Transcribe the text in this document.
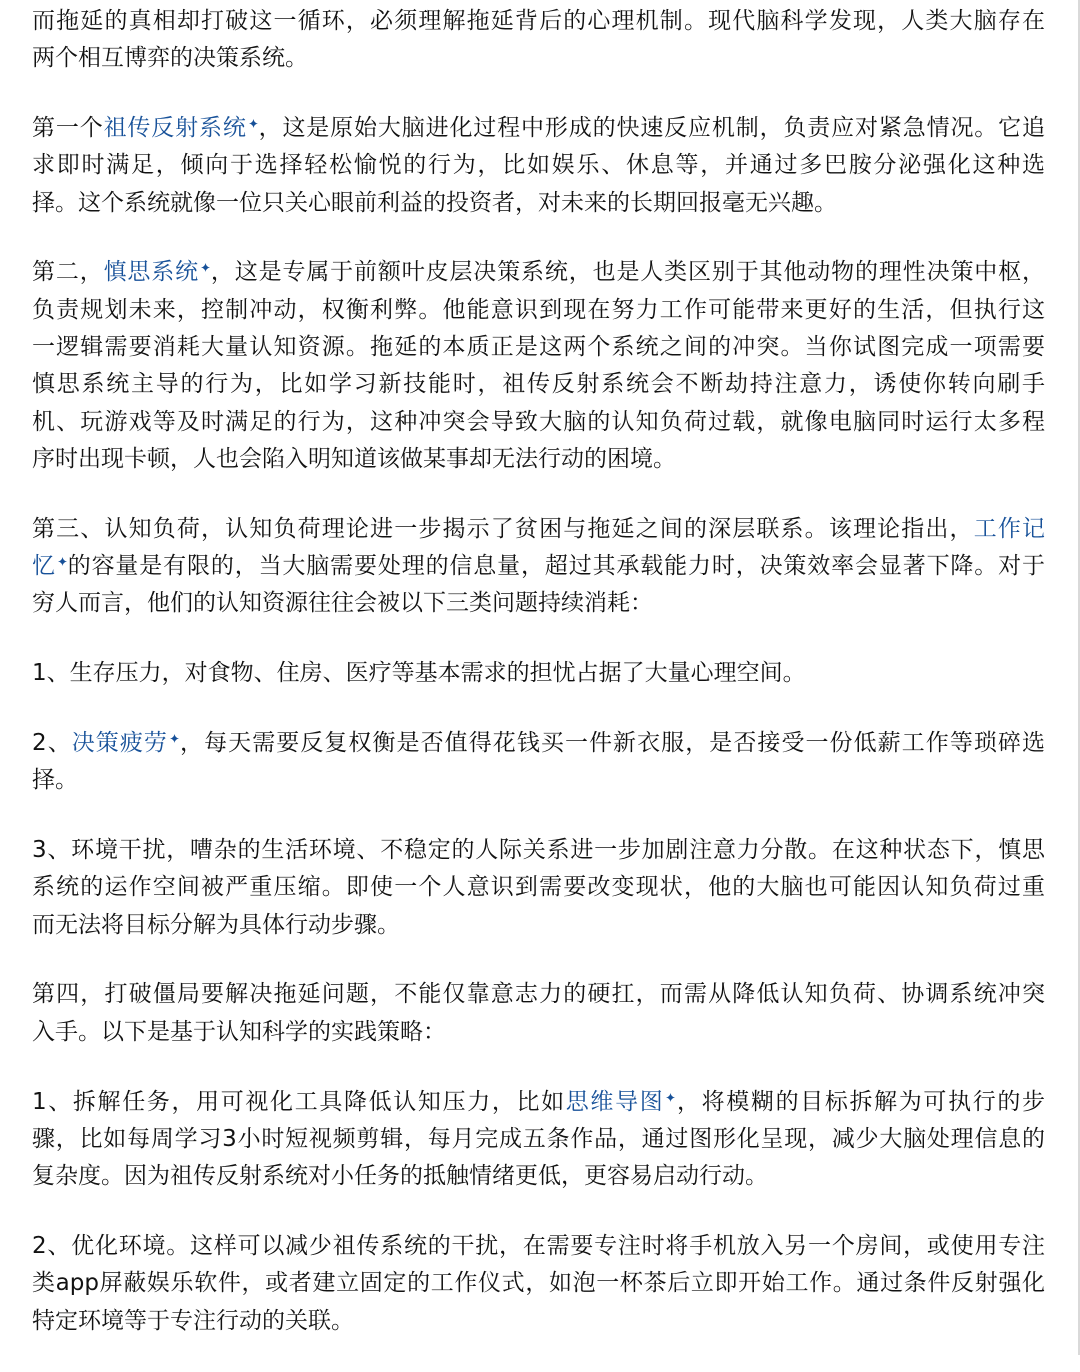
而拖延的真相却打破这一循环，必须理解拖延背后的心理机制。现代脑科学发现，人类大脑存在
两个相互博弈的决策系统。

第一个祖传反射系统 ，这是原始大脑进化过程中形成的快速反应机制，负责应对紧急情况。它追
求即时满足，倾向于选择轻松愉悦的行为，比如娱乐、休息等，并通过多巴胺分泌强化这种选
择。这个系统就像一位只关心眼前利益的投资者，对未来的长期回报毫无兴趣。

第二，慎思系统 ，这是专属于前额叶皮层决策系统，也是人类区别于其他动物的理性决策中枢，
负责规划未来，控制冲动，权衡利弊。他能意识到现在努力工作可能带来更好的生活，但执行这
一逻辑需要消耗大量认知资源。拖延的本质正是这两个系统之间的冲突。当你试图完成一项需要
慎思系统主导的行为，比如学习新技能时，祖传反射系统会不断劫持注意力，诱使你转向刷手
机、玩游戏等及时满足的行为，这种冲突会导致大脑的认知负荷过载，就像电脑同时运行太多程
序时出现卡顿，人也会陷入明知道该做某事却无法行动的困境。

第三、认知负荷，认知负荷理论进一步揭示了贫困与拖延之间的深层联系。该理论指出，工作记
忆 的容量是有限的，当大脑需要处理的信息量，超过其承载能力时，决策效率会显著下降。对于
穷人而言，他们的认知资源往往会被以下三类问题持续消耗：

1、生存压力，对食物、住房、医疗等基本需求的担忧占据了大量心理空间。

2、决策疲劳 ，每天需要反复权衡是否值得花钱买一件新衣服，是否接受一份低薪工作等琐碎选
择。

3、环境干扰，嘈杂的生活环境、不稳定的人际关系进一步加剧注意力分散。在这种状态下，慎思
系统的运作空间被严重压缩。即使一个人意识到需要改变现状，他的大脑也可能因认知负荷过重
而无法将目标分解为具体行动步骤。

第四，打破僵局要解决拖延问题，不能仅靠意志力的硬扛，而需从降低认知负荷、协调系统冲突
入手。以下是基于认知科学的实践策略：

1、拆解任务，用可视化工具降低认知压力，比如思维导图 ，将模糊的目标拆解为可执行的步
骤，比如每周学习3小时短视频剪辑，每月完成五条作品，通过图形化呈现，减少大脑处理信息的
复杂度。因为祖传反射系统对小任务的抵触情绪更低，更容易启动行动。

2、优化环境。这样可以减少祖传系统的干扰，在需要专注时将手机放入另一个房间，或使用专注
类app屏蔽娱乐软件，或者建立固定的工作仪式，如泡一杯茶后立即开始工作。通过条件反射强化
特定环境等于专注行动的关联。
